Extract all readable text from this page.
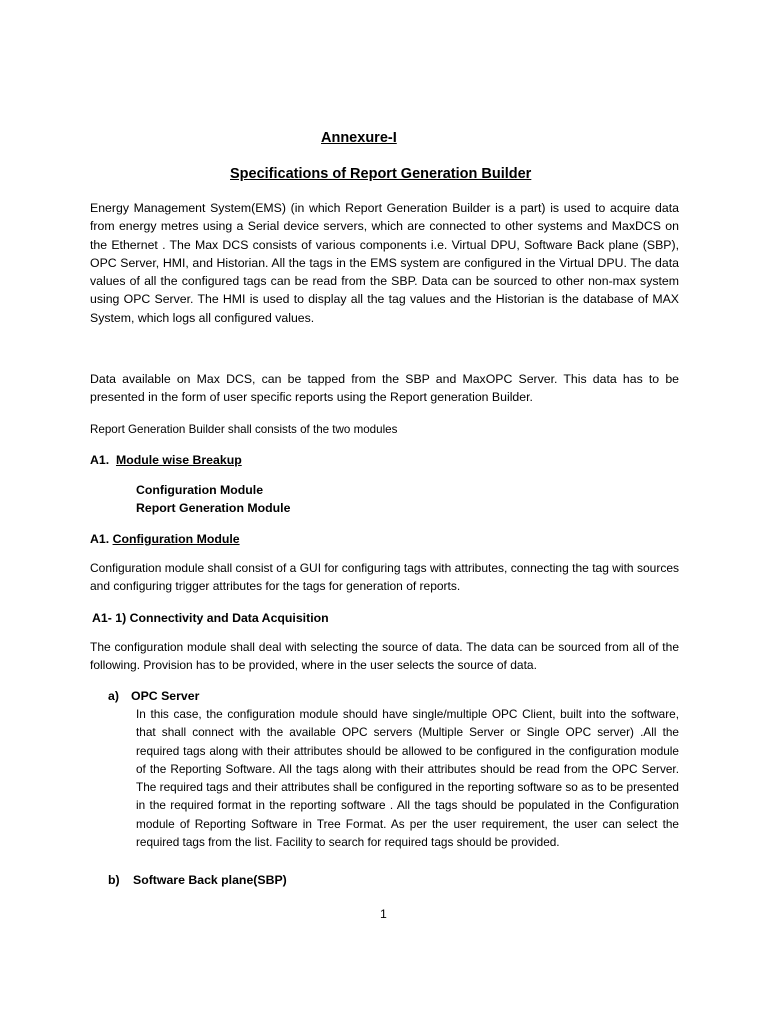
Annexure-I
Specifications of Report Generation Builder
Energy Management System(EMS) (in which Report Generation Builder is a part) is used to acquire data from energy metres using a Serial device servers, which are connected to other systems and MaxDCS on the Ethernet . The Max DCS consists of various components i.e. Virtual DPU, Software Back plane (SBP), OPC Server, HMI, and Historian. All the tags in the EMS system are configured in the Virtual DPU. The data values of all the configured tags can be read from the SBP. Data can be sourced to other non-max system using OPC Server. The HMI is used to display all the tag values and the Historian is the database of MAX System, which logs all configured values.
Data available on Max DCS, can be tapped from the SBP and MaxOPC Server. This data has to be presented in the form of user specific reports using the Report generation Builder.
Report Generation Builder shall consists of the two modules
A1. Module wise Breakup
Configuration Module
Report Generation Module
A1. Configuration Module
Configuration module shall consist of a GUI for configuring tags with attributes, connecting the tag with sources and configuring trigger attributes for the tags for generation of reports.
A1- 1) Connectivity and Data Acquisition
The configuration module shall deal with selecting the source of data. The data can be sourced from all of the following. Provision has to be provided, where in the user selects the source of data.
a) OPC Server
In this case, the configuration module should have single/multiple OPC Client, built into the software, that shall connect with the available OPC servers (Multiple Server or Single OPC server) .All the required tags along with their attributes should be allowed to be configured in the configuration module of the Reporting Software. All the tags along with their attributes should be read from the OPC Server. The required tags and their attributes shall be configured in the reporting software so as to be presented in the required format in the reporting software . All the tags should be populated in the Configuration module of Reporting Software in Tree Format. As per the user requirement, the user can select the required tags from the list. Facility to search for required tags should be provided.
b) Software Back plane(SBP)
1
